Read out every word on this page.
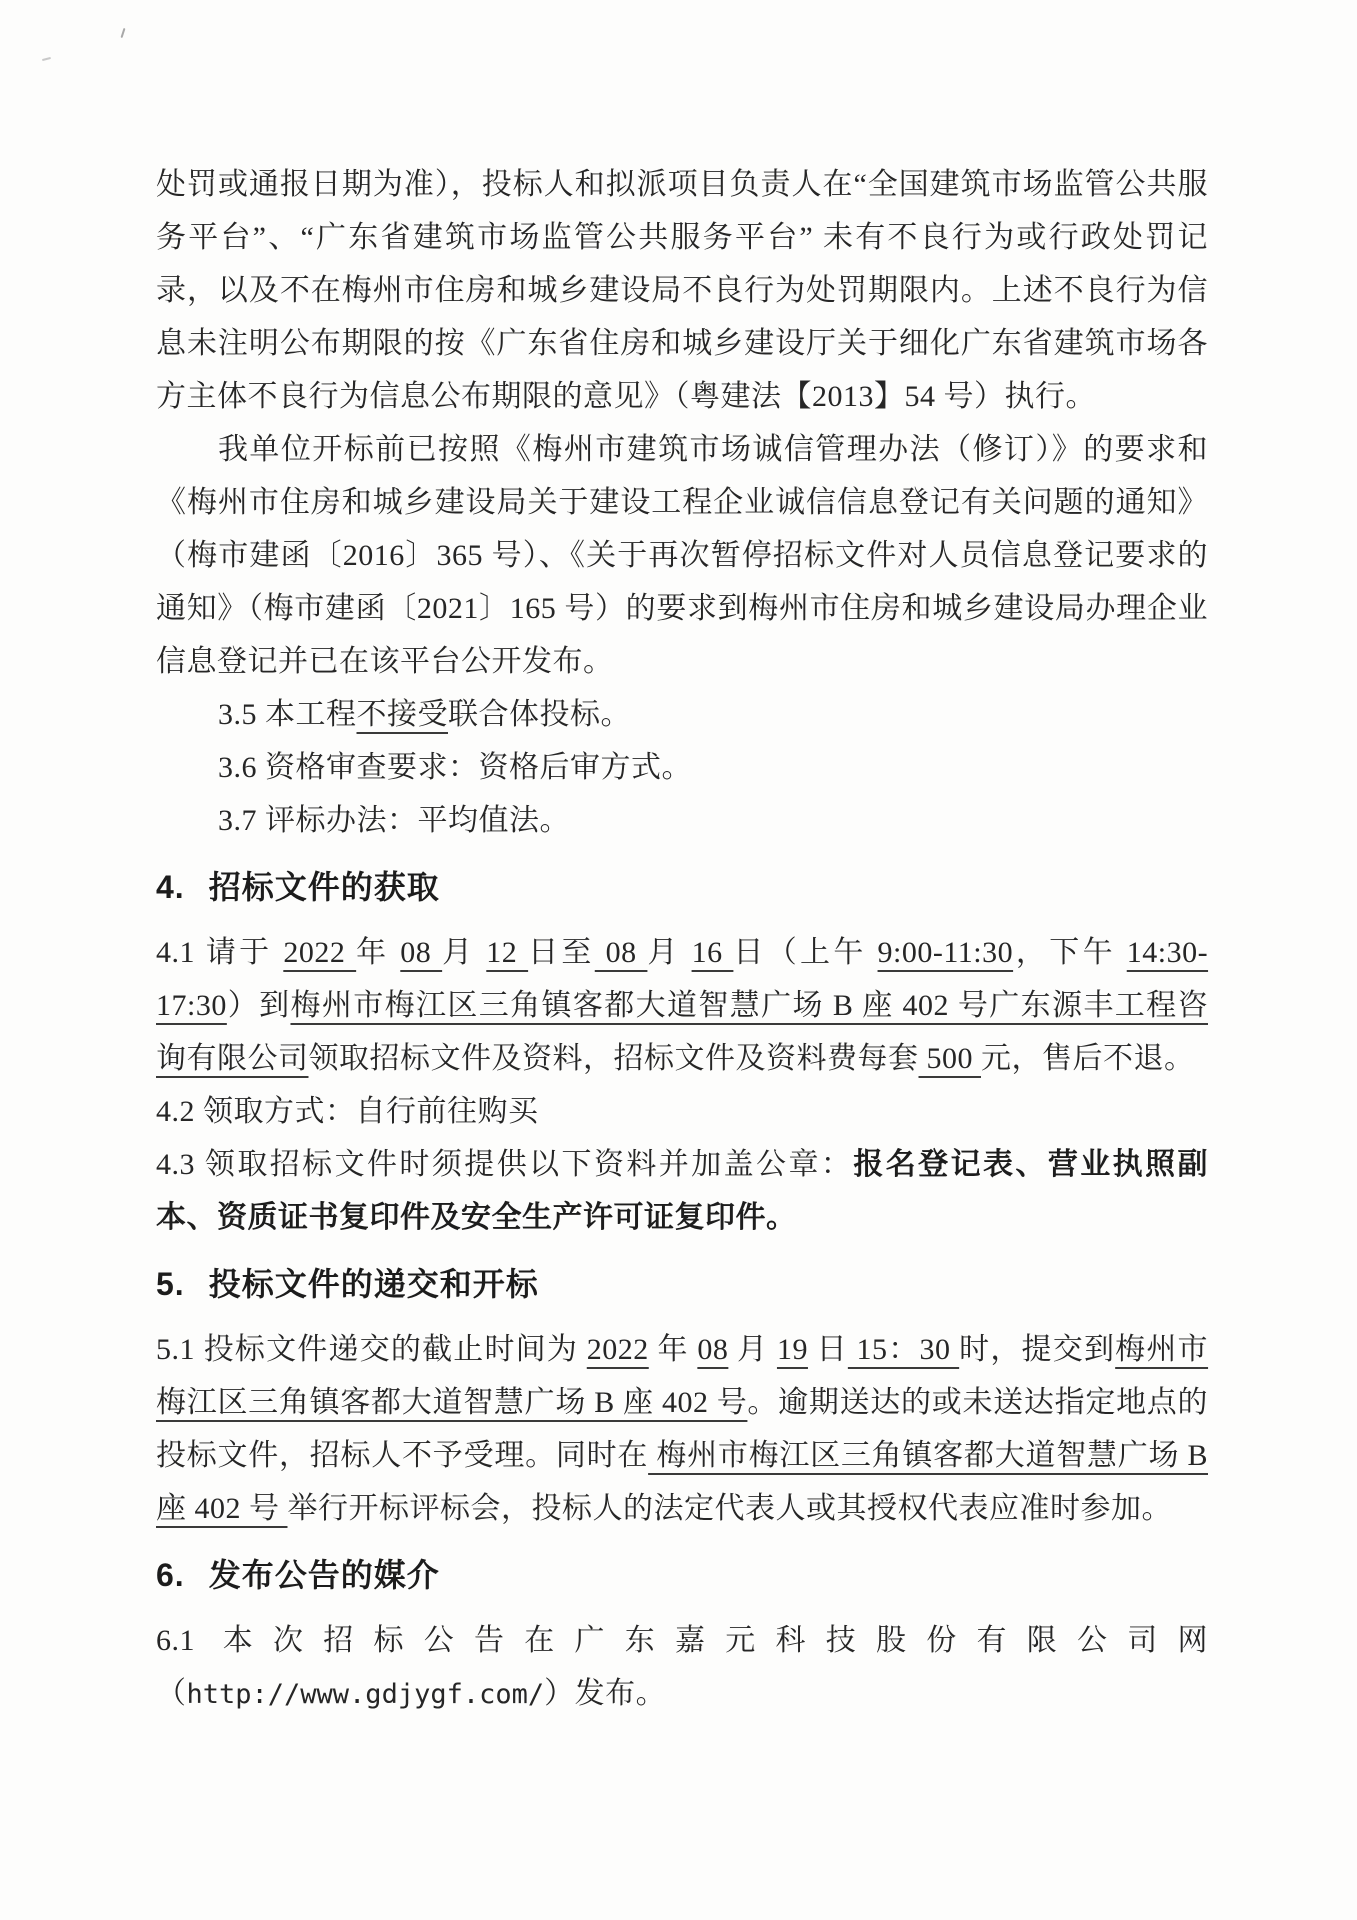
处罚或通报日期为准），投标人和拟派项目负责人在“全国建筑市场监管公共服务平台”、“广东省建筑市场监管公共服务平台” 未有不良行为或行政处罚记录，以及不在梅州市住房和城乡建设局不良行为处罚期限内。上述不良行为信息未注明公布期限的按《广东省住房和城乡建设厅关于细化广东省建筑市场各方主体不良行为信息公布期限的意见》（粤建法【2013】54 号）执行。

我单位开标前已按照《梅州市建筑市场诚信管理办法（修订）》的要求和《梅州市住房和城乡建设局关于建设工程企业诚信信息登记有关问题的通知》（梅市建函〔2016〕365 号）、《关于再次暂停招标文件对人员信息登记要求的通知》（梅市建函〔2021〕165 号）的要求到梅州市住房和城乡建设局办理企业信息登记并已在该平台公开发布。

3.5 本工程不接受联合体投标。

3.6 资格审查要求：资格后审方式。

3.7 评标办法：平均值法。

4. 招标文件的获取

4.1 请于 2022 年 08 月 12 日至 08 月 16 日（上午 9:00-11:30，下午 14:30-17:30）到梅州市梅江区三角镇客都大道智慧广场 B 座 402 号广东源丰工程咨询有限公司领取招标文件及资料，招标文件及资料费每套 500 元，售后不退。

4.2 领取方式：自行前往购买

4.3 领取招标文件时须提供以下资料并加盖公章：报名登记表、营业执照副本、资质证书复印件及安全生产许可证复印件。

5. 投标文件的递交和开标

5.1 投标文件递交的截止时间为 2022 年 08 月 19 日 15：30 时，提交到梅州市梅江区三角镇客都大道智慧广场 B 座 402 号。逾期送达的或未送达指定地点的投标文件，招标人不予受理。同时在 梅州市梅江区三角镇客都大道智慧广场 B 座 402 号 举行开标评标会，投标人的法定代表人或其授权代表应准时参加。

6. 发布公告的媒介

6.1 本次招标公告在广东嘉元科技股份有限公司网（http://www.gdjygf.com/）发布。
